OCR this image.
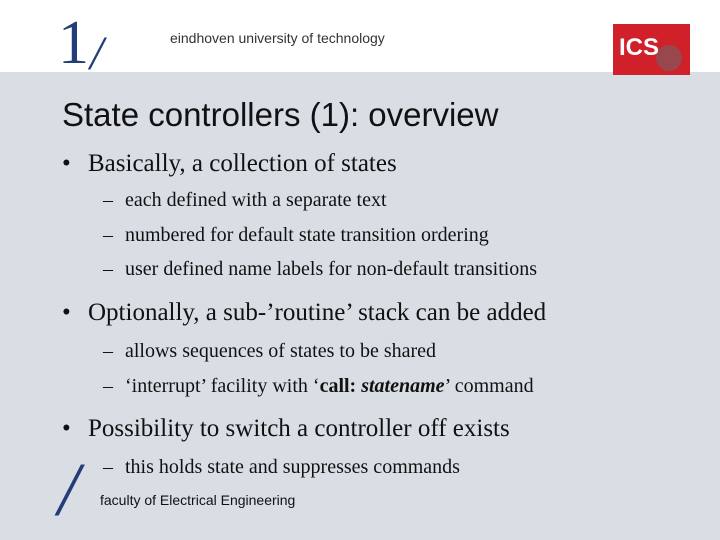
1 /	eindhoven university of technology	ICS
State controllers (1): overview
• Basically, a collection of states
– each defined with a separate text
– numbered for default state transition ordering
– user defined name labels for non-default transitions
• Optionally, a sub-’routine’ stack can be added
– allows sequences of states to be shared
– ‘interrupt’ facility with ‘call: statename’ command
• Possibility to switch a controller off exists
– this holds state and suppresses commands
/ faculty of Electrical Engineering
